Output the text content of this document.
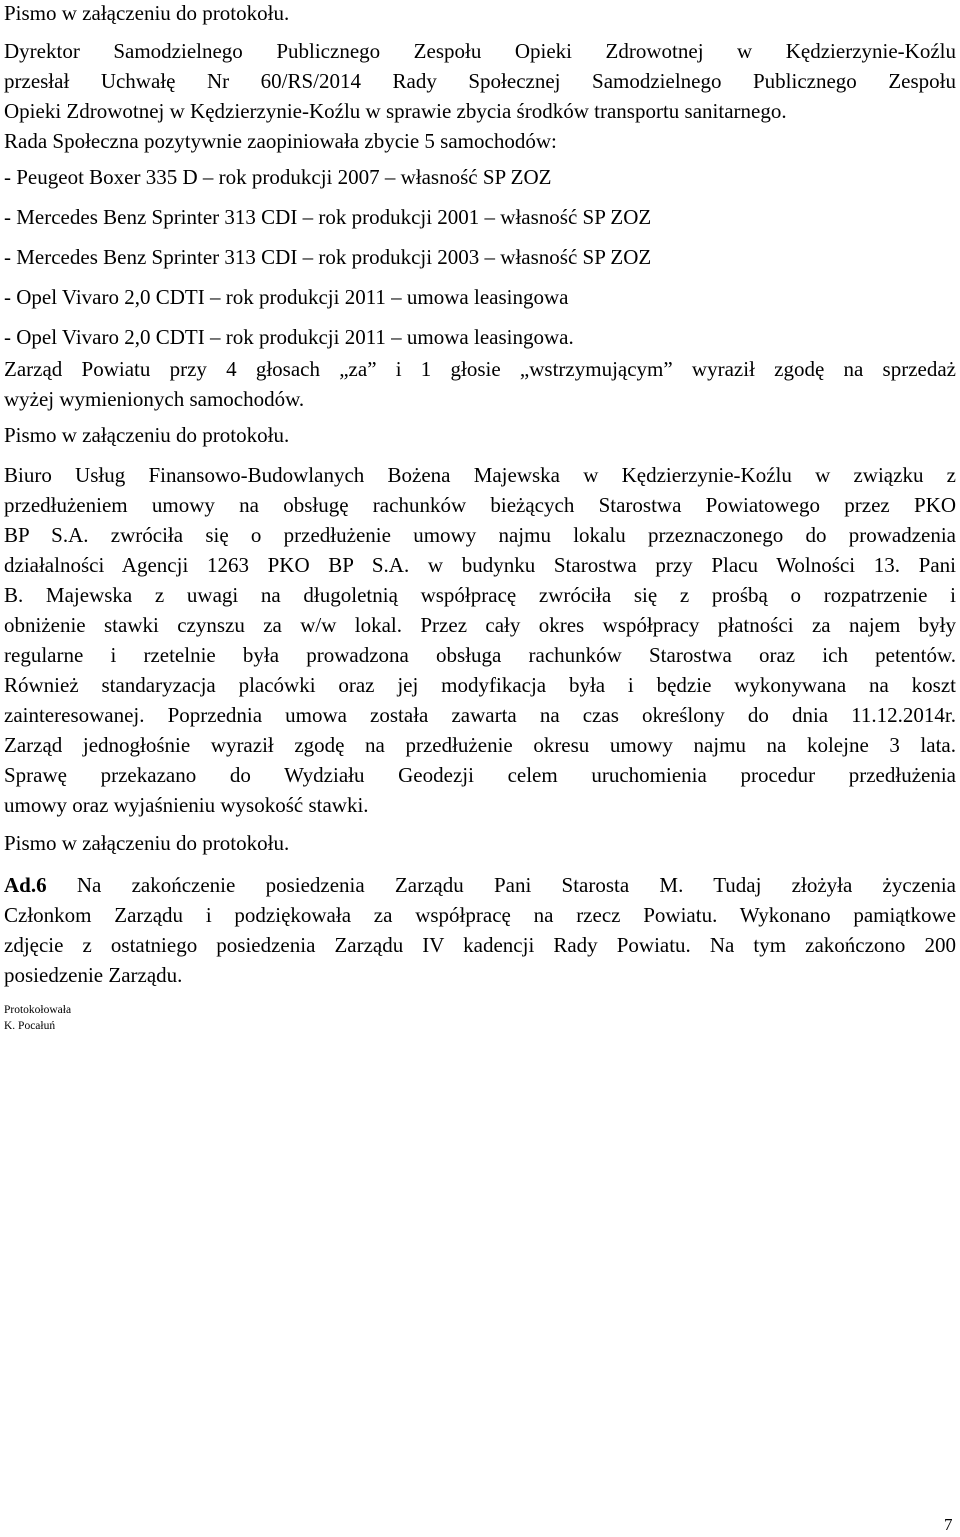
Pismo w załączeniu do protokołu.
Dyrektor Samodzielnego Publicznego Zespołu Opieki Zdrowotnej w Kędzierzynie-Koźlu
przesłał Uchwałę Nr 60/RS/2014 Rady Społecznej Samodzielnego Publicznego Zespołu
Opieki Zdrowotnej w Kędzierzynie-Koźlu w sprawie zbycia środków transportu sanitarnego.
Rada Społeczna pozytywnie zaopiniowała zbycie 5 samochodów:
- Peugeot Boxer 335 D – rok produkcji 2007 – własność SP ZOZ
- Mercedes Benz Sprinter 313 CDI – rok produkcji 2001 – własność SP ZOZ
- Mercedes Benz Sprinter 313 CDI – rok produkcji 2003 – własność SP ZOZ
- Opel Vivaro 2,0 CDTI – rok produkcji 2011 – umowa leasingowa
- Opel Vivaro 2,0 CDTI – rok produkcji 2011 – umowa leasingowa.
Zarząd Powiatu przy 4 głosach „za” i 1 głosie „wstrzymującym” wyraził zgodę na sprzedaż
wyżej wymienionych samochodów.
Pismo w załączeniu do protokołu.
Biuro Usług Finansowo-Budowlanych Bożena Majewska w Kędzierzynie-Koźlu w związku z
przedłużeniem umowy na obsługę rachunków bieżących Starostwa Powiatowego przez PKO
BP S.A. zwróciła się o przedłużenie umowy najmu lokalu przeznaczonego do prowadzenia
działalności Agencji 1263 PKO BP S.A. w budynku Starostwa przy Placu Wolności 13. Pani
B. Majewska z uwagi na długoletnią współpracę zwróciła się z prośbą o rozpatrzenie i
obniżenie stawki czynszu za w/w lokal. Przez cały okres współpracy płatności za najem były
regularne i rzetelnie była prowadzona obsługa rachunków Starostwa oraz ich petentów.
Również standaryzacja placówki oraz jej modyfikacja była i będzie wykonywana na koszt
zainteresowanej. Poprzednia umowa została zawarta na czas określony do dnia 11.12.2014r.
Zarząd jednogłośnie wyraził zgodę na przedłużenie okresu umowy najmu na kolejne 3 lata.
Sprawę przekazano do Wydziału Geodezji celem uruchomienia procedur przedłużenia
umowy oraz wyjaśnieniu wysokość stawki.
Pismo w załączeniu do protokołu.
Ad.6 Na zakończenie posiedzenia Zarządu Pani Starosta M. Tudaj złożyła życzenia
Członkom Zarządu i podziękowała za współpracę na rzecz Powiatu. Wykonano pamiątkowe
zdjęcie z ostatniego posiedzenia Zarządu IV kadencji Rady Powiatu. Na tym zakończono 200
posiedzenie Zarządu.
Protokołowała
K. Pocałuń
7
